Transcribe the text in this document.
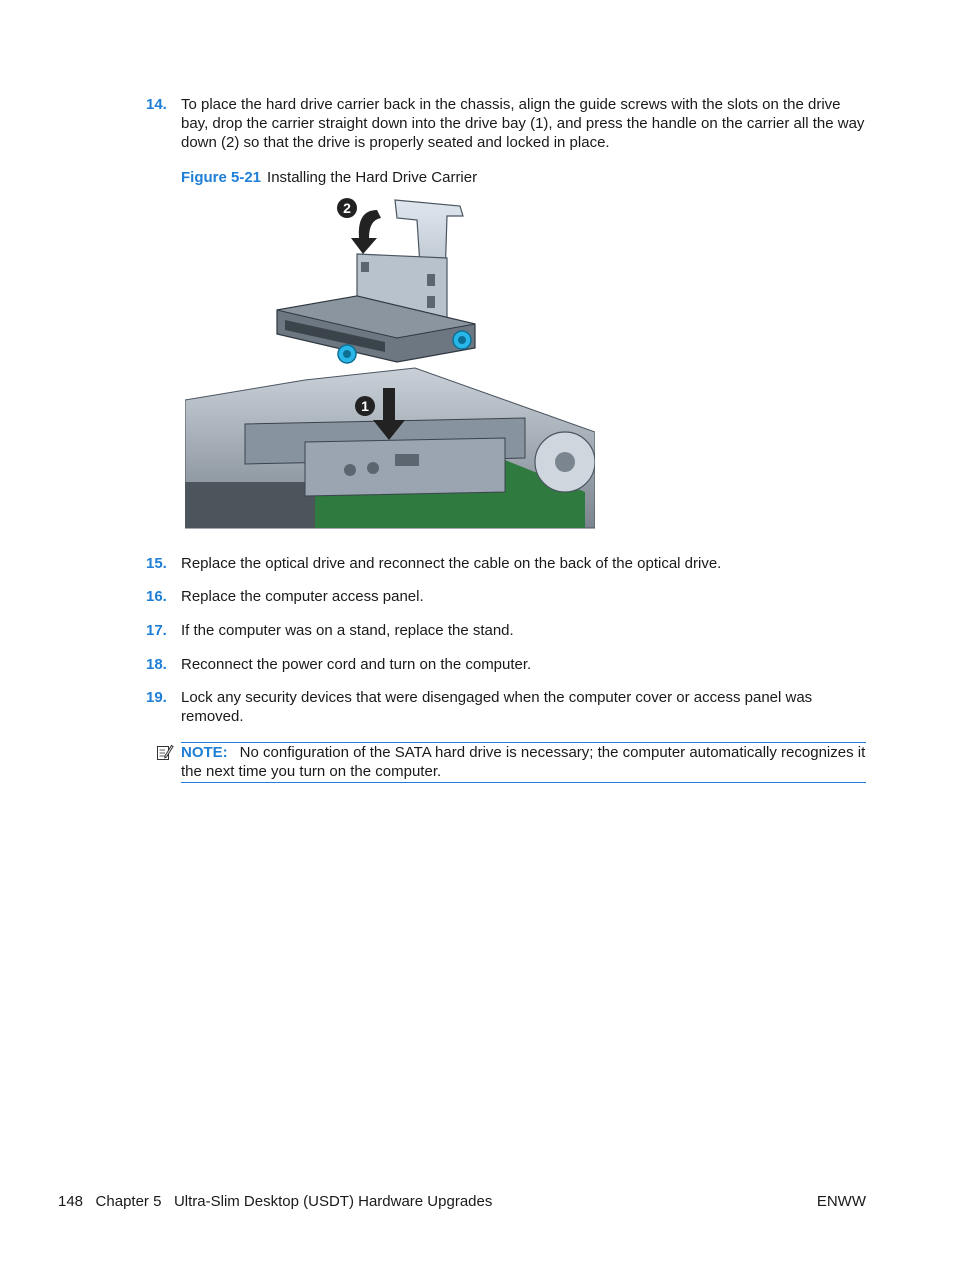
14. To place the hard drive carrier back in the chassis, align the guide screws with the slots on the drive bay, drop the carrier straight down into the drive bay (1), and press the handle on the carrier all the way down (2) so that the drive is properly seated and locked in place.
Figure 5-21 Installing the Hard Drive Carrier
2
1
15. Replace the optical drive and reconnect the cable on the back of the optical drive.
16. Replace the computer access panel.
17. If the computer was on a stand, replace the stand.
18. Reconnect the power cord and turn on the computer.
19. Lock any security devices that were disengaged when the computer cover or access panel was removed.
NOTE: No configuration of the SATA hard drive is necessary; the computer automatically recognizes it the next time you turn on the computer.
148 Chapter 5 Ultra-Slim Desktop (USDT) Hardware Upgrades	ENWW
